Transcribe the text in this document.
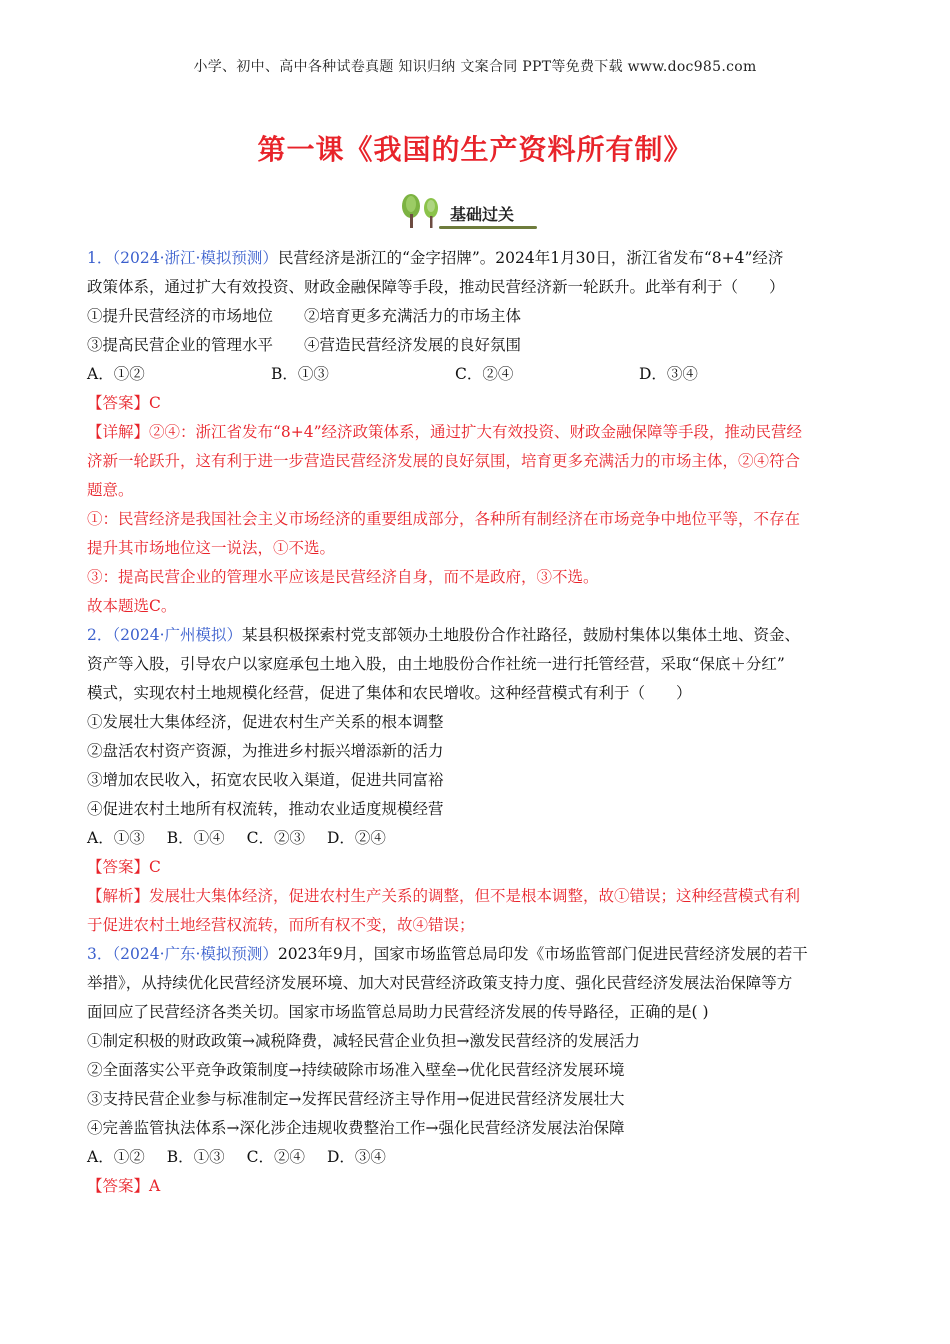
小学、初中、高中各种试卷真题 知识归纳 文案合同 PPT等免费下载 www.doc985.com
第一课《我国的生产资料所有制》
基础过关
1．（2024·浙江·模拟预测）民营经济是浙江的“金字招牌”。2024年1月30日，浙江省发布“8+4”经济
政策体系，通过扩大有效投资、财政金融保障等手段，推动民营经济新一轮跃升。此举有利于（　　）
①提升民营经济的市场地位　　②培育更多充满活力的市场主体
③提高民营企业的管理水平　　④营造民营经济发展的良好氛围
A．①②	B．①③	C．②④	D．③④
【答案】C
【详解】②④：浙江省发布“8+4”经济政策体系，通过扩大有效投资、财政金融保障等手段，推动民营经
济新一轮跃升，这有利于进一步营造民营经济发展的良好氛围，培育更多充满活力的市场主体，②④符合
题意。
①：民营经济是我国社会主义市场经济的重要组成部分，各种所有制经济在市场竞争中地位平等，不存在
提升其市场地位这一说法，①不选。
③：提高民营企业的管理水平应该是民营经济自身，而不是政府，③不选。
故本题选C。
2．（2024·广州模拟）某县积极探索村党支部领办土地股份合作社路径，鼓励村集体以集体土地、资金、
资产等入股，引导农户以家庭承包土地入股，由土地股份合作社统一进行托管经营，采取“保底＋分红”
模式，实现农村土地规模化经营，促进了集体和农民增收。这种经营模式有利于（　　）
①发展壮大集体经济，促进农村生产关系的根本调整
②盘活农村资产资源，为推进乡村振兴增添新的活力
③增加农民收入，拓宽农民收入渠道，促进共同富裕
④促进农村土地所有权流转，推动农业适度规模经营
A．①③ B．①④ C．②③ D．②④
【答案】C
【解析】发展壮大集体经济，促进农村生产关系的调整，但不是根本调整，故①错误；这种经营模式有利
于促进农村土地经营权流转，而所有权不变，故④错误；
3．（2024·广东·模拟预测）2023年9月，国家市场监管总局印发《市场监管部门促进民营经济发展的若干
举措》，从持续优化民营经济发展环境、加大对民营经济政策支持力度、强化民营经济发展法治保障等方
面回应了民营经济各类关切。国家市场监管总局助力民营经济发展的传导路径，正确的是( )
①制定积极的财政政策→减税降费，减轻民营企业负担→激发民营经济的发展活力
②全面落实公平竞争政策制度→持续破除市场准入壁垒→优化民营经济发展环境
③支持民营企业参与标准制定→发挥民营经济主导作用→促进民营经济发展壮大
④完善监管执法体系→深化涉企违规收费整治工作→强化民营经济发展法治保障
A．①② B．①③ C．②④ D．③④
【答案】A
